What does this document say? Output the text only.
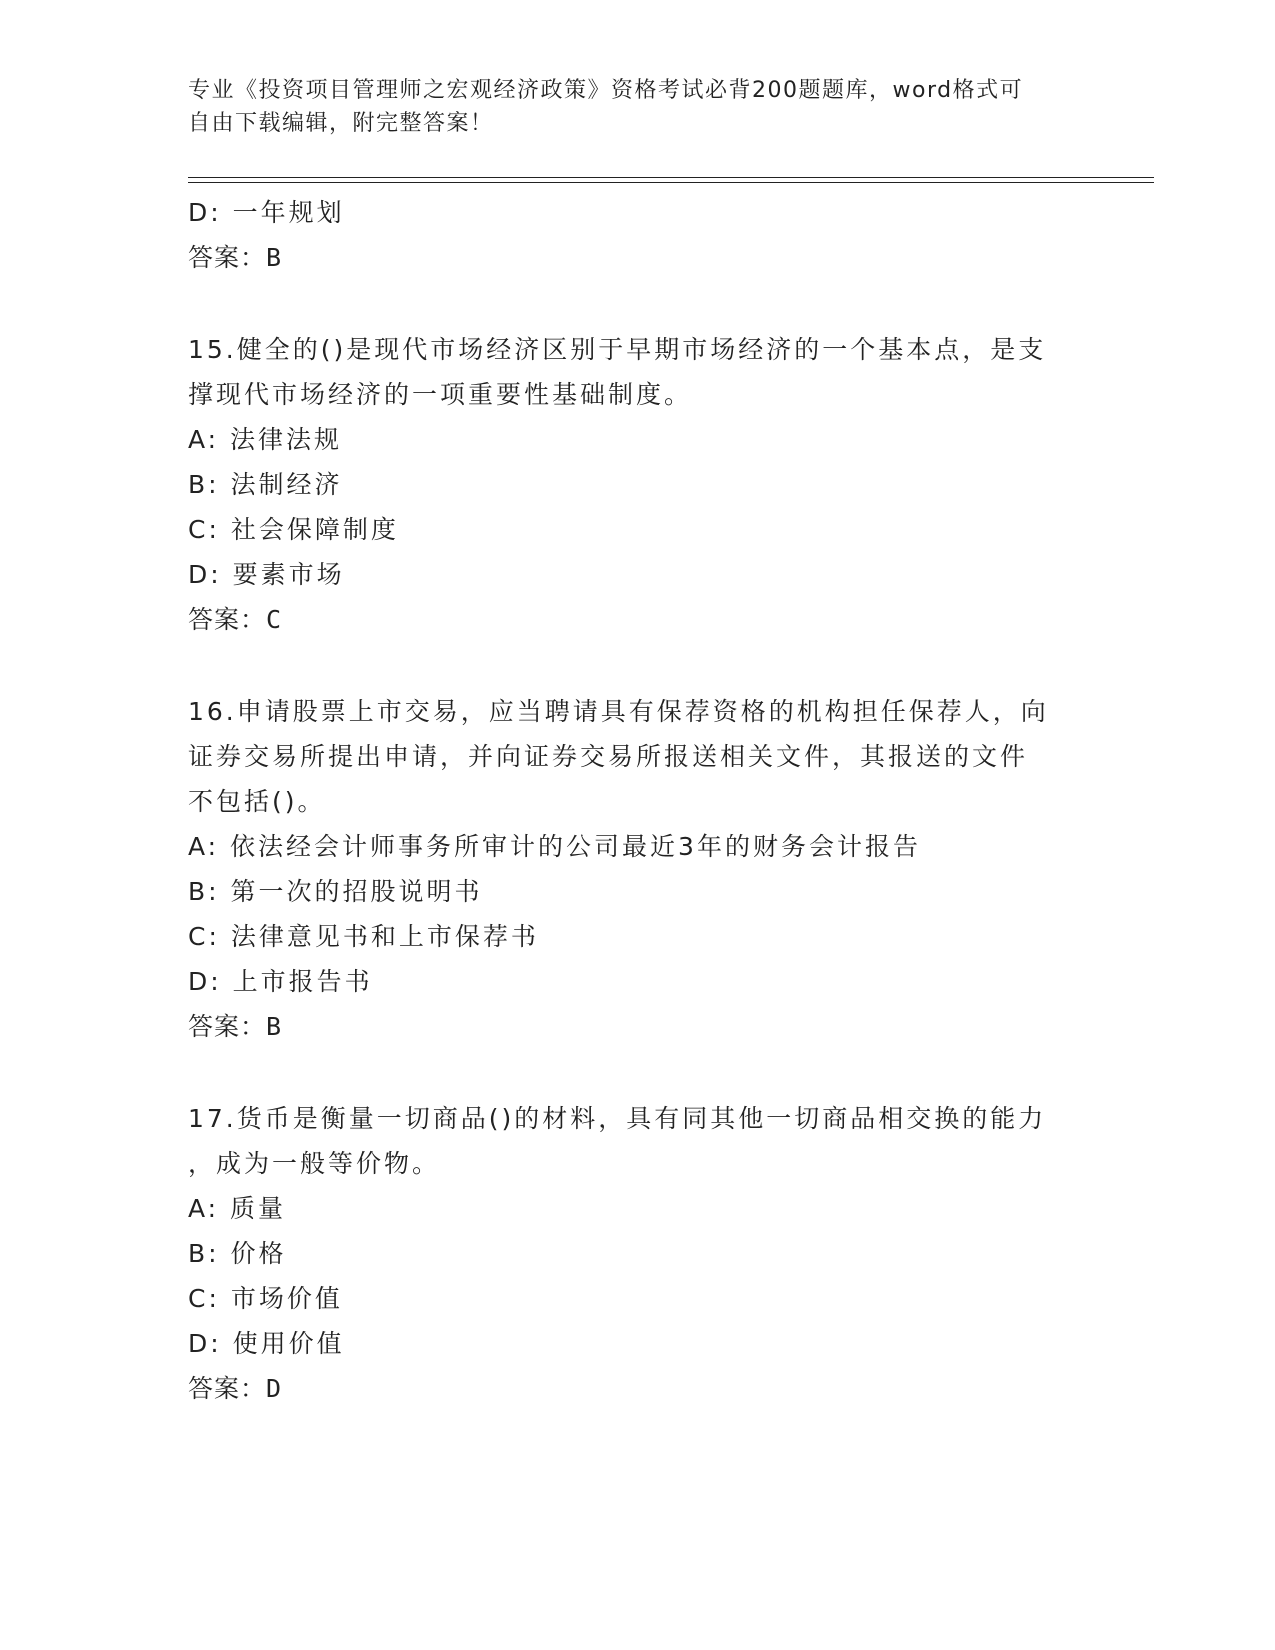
专业《投资项目管理师之宏观经济政策》资格考试必背200题题库，word格式可
自由下载编辑，附完整答案！
D: 一年规划
答案：B
15.健全的()是现代市场经济区别于早期市场经济的一个基本点，是支
撑现代市场经济的一项重要性基础制度。
A: 法律法规
B: 法制经济
C: 社会保障制度
D: 要素市场
答案：C
16.申请股票上市交易，应当聘请具有保荐资格的机构担任保荐人，向
证券交易所提出申请，并向证券交易所报送相关文件，其报送的文件
不包括()。
A: 依法经会计师事务所审计的公司最近3年的财务会计报告
B: 第一次的招股说明书
C: 法律意见书和上市保荐书
D: 上市报告书
答案：B
17.货币是衡量一切商品()的材料，具有同其他一切商品相交换的能力
，成为一般等价物。
A: 质量
B: 价格
C: 市场价值
D: 使用价值
答案：D
